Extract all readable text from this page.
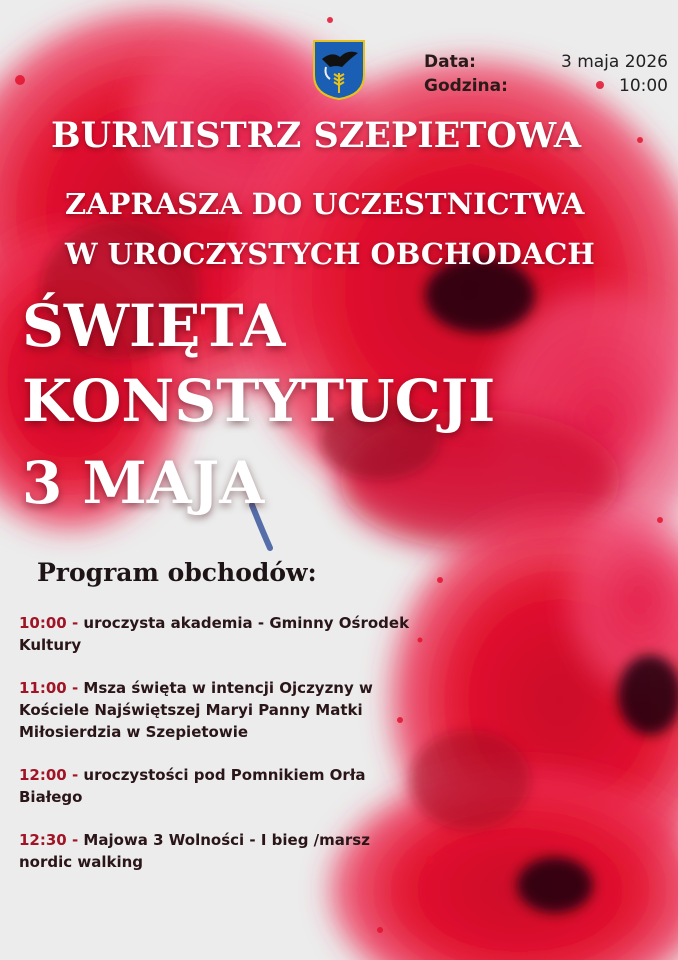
Data:	3 maja 2026
Godzina:	10:00
BURMISTRZ SZEPIETOWA
ZAPRASZA DO UCZESTNICTWA
W UROCZYSTYCH OBCHODACH
ŚWIĘTA
KONSTYTUCJI
3 MAJA
Program obchodów:
10:00 - uroczysta akademia - Gminny Ośrodek Kultury
11:00 - Msza święta w intencji Ojczyzny w Kościele Najświętszej Maryi Panny Matki Miłosierdzia w Szepietowie
12:00 - uroczystości pod Pomnikiem Orła Białego
12:30 - Majowa 3 Wolności - I bieg /marsz nordic walking
